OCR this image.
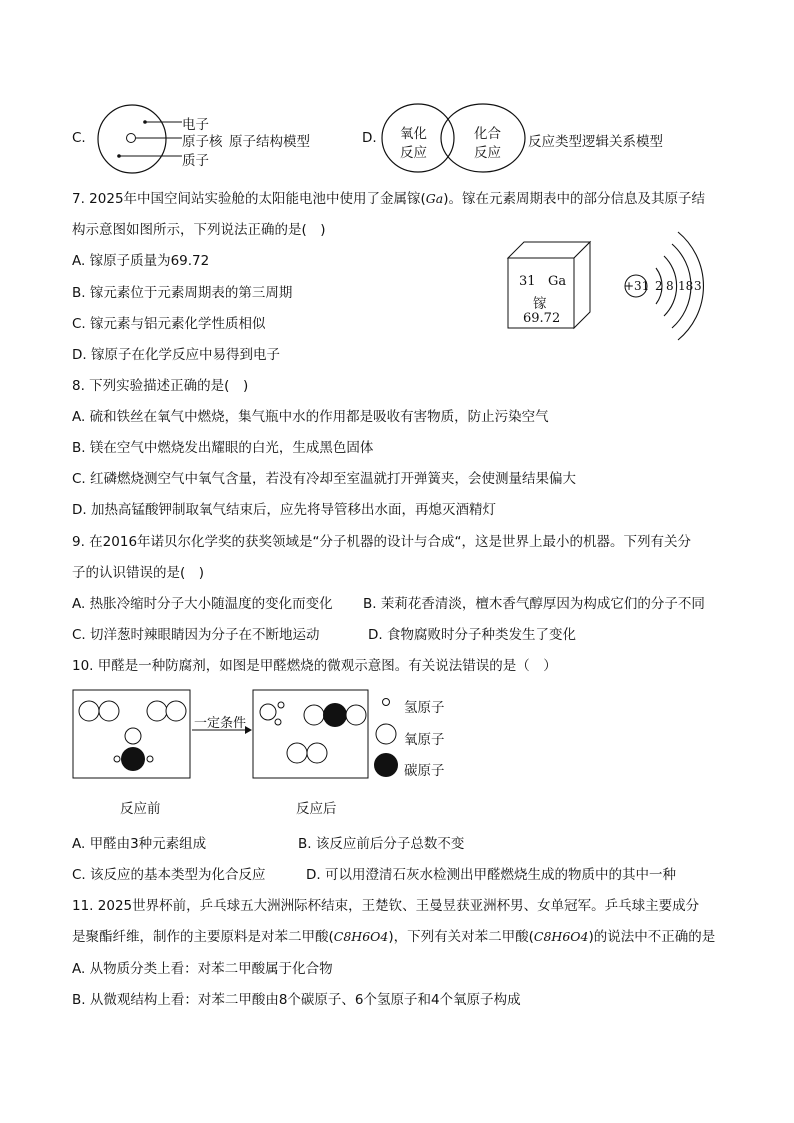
C.
电子
原子核
质子
原子结构模型	D. 氧化
反应
化合
反应
反应类型逻辑关系模型
7. 2025年中国空间站实验舱的太阳能电池中使用了金属镓(Ga)。镓在元素周期表中的部分信息及其原子结
构示意图如图所示，下列说法正确的是(　)
A. 镓原子质量为69.72
B. 镓元素位于元素周期表的第三周期
C. 镓元素与铝元素化学性质相似
D. 镓原子在化学反应中易得到电子
31 Ga
镓
69.72
+31 2 8 18 3
8. 下列实验描述正确的是(　)
A. 硫和铁丝在氧气中燃烧，集气瓶中水的作用都是吸收有害物质，防止污染空气
B. 镁在空气中燃烧发出耀眼的白光，生成黑色固体
C. 红磷燃烧测空气中氧气含量，若没有冷却至室温就打开弹簧夹，会使测量结果偏大
D. 加热高锰酸钾制取氧气结束后，应先将导管移出水面，再熄灭酒精灯
9. 在2016年诺贝尔化学奖的获奖领域是“分子机器的设计与合成“，这是世界上最小的机器。下列有关分
子的认识错误的是(　)
A. 热胀冷缩时分子大小随温度的变化而变化 B. 茉莉花香清淡，檀木香气醇厚因为构成它们的分子不同
C. 切洋葱时辣眼睛因为分子在不断地运动	D. 食物腐败时分子种类发生了变化
10. 甲醛是一种防腐剂，如图是甲醛燃烧的微观示意图。有关说法错误的是（　）
一定条件
氢原子
氧原子
碳原子
反应前	反应后
A. 甲醛由3种元素组成	B. 该反应前后分子总数不变
C. 该反应的基本类型为化合反应	D. 可以用澄清石灰水检测出甲醛燃烧生成的物质中的其中一种
11. 2025世界杯前，乒乓球五大洲洲际杯结束，王楚钦、王曼昱获亚洲杯男、女单冠军。乒乓球主要成分
是聚酯纤维，制作的主要原料是对苯二甲酸(C8H6O4)，下列有关对苯二甲酸(C8H6O4)的说法中不正确的是
A. 从物质分类上看：对苯二甲酸属于化合物
B. 从微观结构上看：对苯二甲酸由8个碳原子、6个氢原子和4个氧原子构成
